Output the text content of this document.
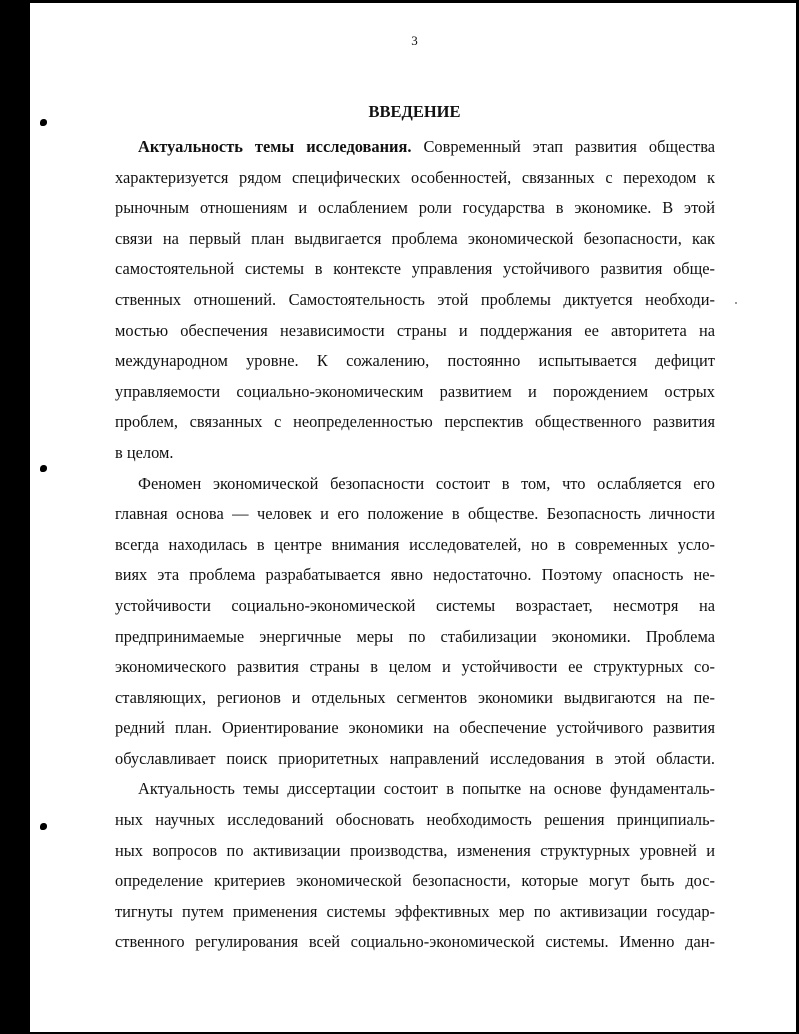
3
ВВЕДЕНИЕ

Актуальность темы исследования. Современный этап развития общества
характеризуется рядом специфических особенностей, связанных с переходом к
рыночным отношениям и ослаблением роли государства в экономике. В этой
связи на первый план выдвигается проблема экономической безопасности, как
самостоятельной системы в контексте управления устойчивого развития обще-
ственных отношений. Самостоятельность этой проблемы диктуется необходи-
мостью обеспечения независимости страны и поддержания ее авторитета на
международном уровне. К сожалению, постоянно испытывается дефицит
управляемости социально-экономическим развитием и порождением острых
проблем, связанных с неопределенностью перспектив общественного развития
в целом.

Феномен экономической безопасности состоит в том, что ослабляется его
главная основа — человек и его положение в обществе. Безопасность личности
всегда находилась в центре внимания исследователей, но в современных усло-
виях эта проблема разрабатывается явно недостаточно. Поэтому опасность не-
устойчивости социально-экономической системы возрастает, несмотря на
предпринимаемые энергичные меры по стабилизации экономики. Проблема
экономического развития страны в целом и устойчивости ее структурных со-
ставляющих, регионов и отдельных сегментов экономики выдвигаются на пе-
редний план. Ориентирование экономики на обеспечение устойчивого развития
обуславливает поиск приоритетных направлений исследования в этой области.

Актуальность темы диссертации состоит в попытке на основе фундаменталь-
ных научных исследований обосновать необходимость решения принципиаль-
ных вопросов по активизации производства, изменения структурных уровней и
определение критериев экономической безопасности, которые могут быть дос-
тигнуты путем применения системы эффективных мер по активизации государ-
ственного регулирования всей социально-экономической системы. Именно дан-
